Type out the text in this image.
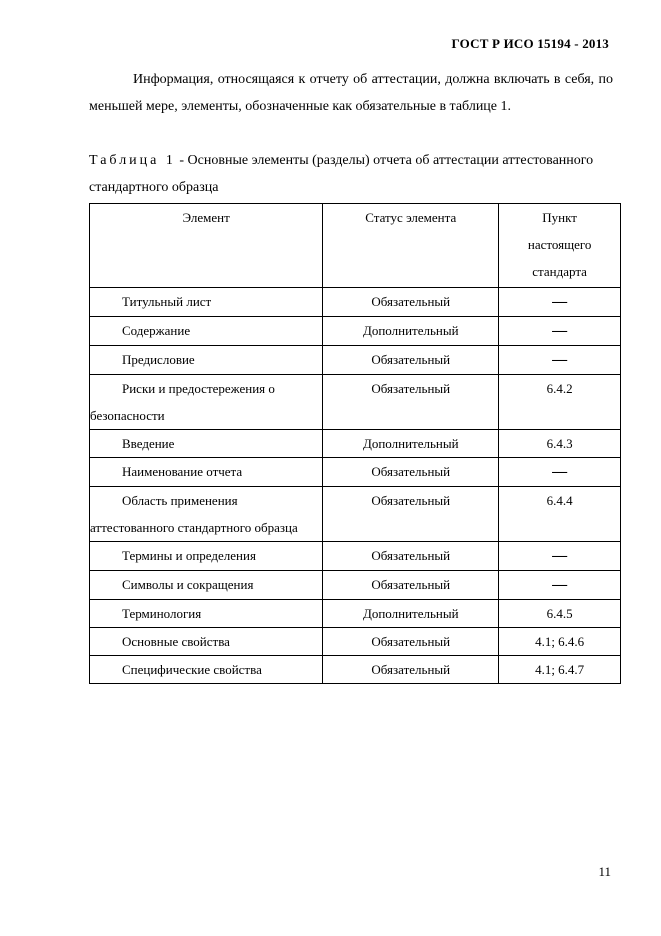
ГОСТ Р ИСО 15194 - 2013

Информация, относящаяся к отчету об аттестации, должна включать в себя, по меньшей мере, элементы, обозначенные как обязательные в таблице 1.

Таблица 1 - Основные элементы (разделы) отчета об аттестации аттестованного стандартного образца

Элемент	Статус элемента	Пункт настоящего стандарта

Титульный лист	Обязательный	—
Содержание	Дополнительный	—
Предисловие	Обязательный	—
Риски и предостережения о безопасности	Обязательный	6.4.2
Введение	Дополнительный	6.4.3
Наименование отчета	Обязательный	—
Область применения аттестованного стандартного образца	Обязательный	6.4.4
Термины и определения	Обязательный	—
Символы и сокращения	Обязательный	—
Терминология	Дополнительный	6.4.5
Основные свойства	Обязательный	4.1; 6.4.6
Специфические свойства	Обязательный	4.1; 6.4.7
11
